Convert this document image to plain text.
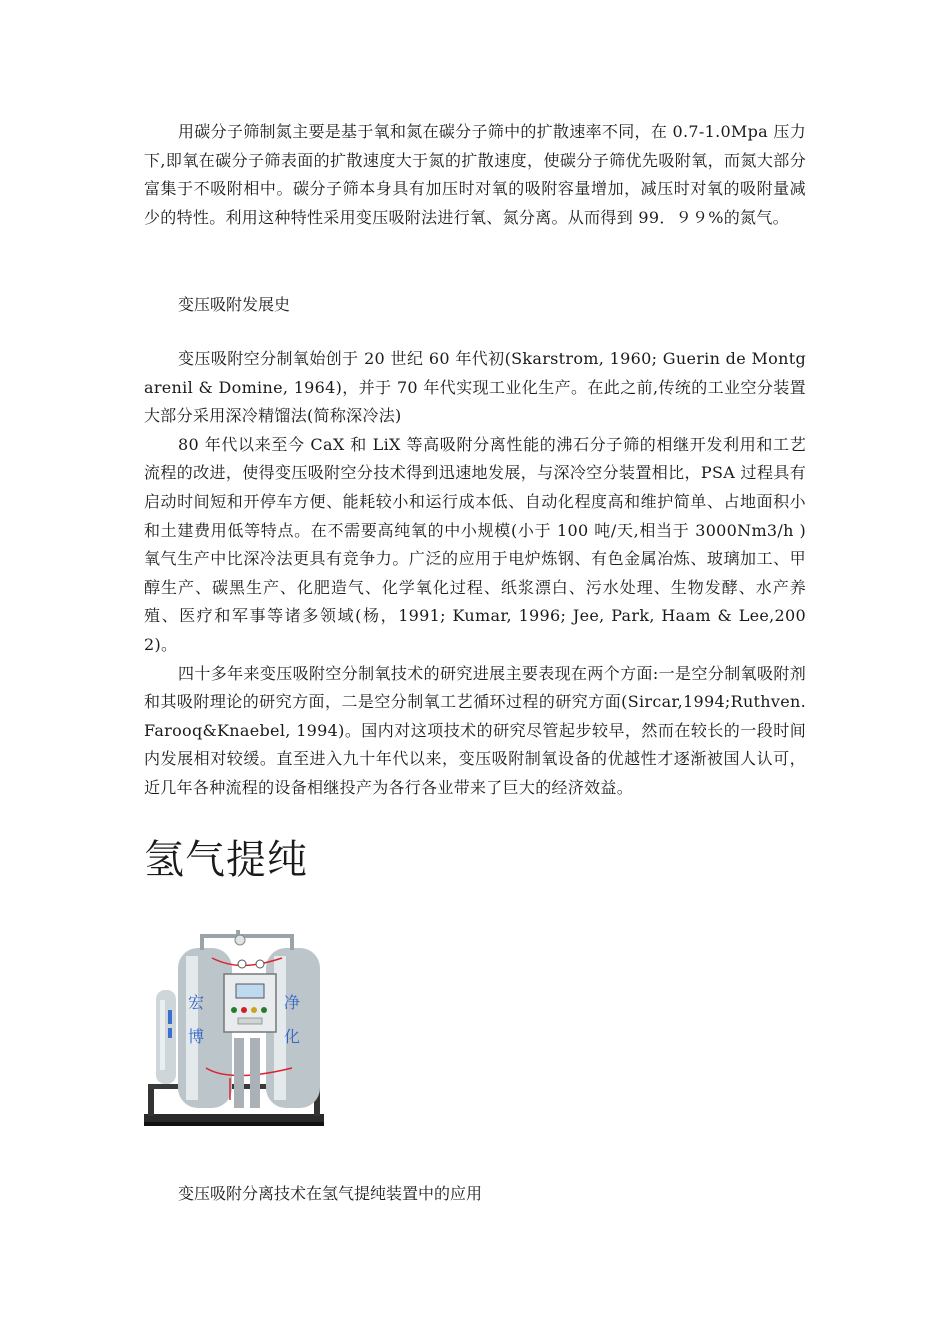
用碳分子筛制氮主要是基于氧和氮在碳分子筛中的扩散速率不同，在 0.7-1.0Mpa 压力下,即氧在碳分子筛表面的扩散速度大于氮的扩散速度，使碳分子筛优先吸附氧，而氮大部分富集于不吸附相中。碳分子筛本身具有加压时对氧的吸附容量增加，减压时对氧的吸附量减少的特性。利用这种特性采用变压吸附法进行氧、氮分离。从而得到 99．９９%的氮气。

变压吸附发展史

变压吸附空分制氧始创于 20 世纪 60 年代初(Skarstrom, 1960; Guerin de Montgarenil & Domine, 1964)，并于 70 年代实现工业化生产。在此之前,传统的工业空分装置大部分采用深冷精馏法(简称深冷法)

80 年代以来至今 CaX 和 LiX 等高吸附分离性能的沸石分子筛的相继开发利用和工艺流程的改进，使得变压吸附空分技术得到迅速地发展，与深冷空分装置相比，PSA 过程具有启动时间短和开停车方便、能耗较小和运行成本低、自动化程度高和维护简单、占地面积小和土建费用低等特点。在不需要高纯氧的中小规模(小于 100 吨/天,相当于 3000Nm3/h )氧气生产中比深冷法更具有竞争力。广泛的应用于电炉炼钢、有色金属冶炼、玻璃加工、甲醇生产、碳黑生产、化肥造气、化学氧化过程、纸浆漂白、污水处理、生物发酵、水产养殖、医疗和军事等诸多领域(杨，1991; Kumar, 1996; Jee, Park, Haam & Lee,2002)。

四十多年来变压吸附空分制氧技术的研究进展主要表现在两个方面:一是空分制氧吸附剂和其吸附理论的研究方面，二是空分制氧工艺循环过程的研究方面(Sircar,1994;Ruthven.Farooq&Knaebel, 1994)。国内对这项技术的研究尽管起步较早，然而在较长的一段时间内发展相对较缓。直至进入九十年代以来，变压吸附制氧设备的优越性才逐渐被国人认可，近几年各种流程的设备相继投产为各行各业带来了巨大的经济效益。

氢气提纯
宏
博
净
化
变压吸附分离技术在氢气提纯装置中的应用
